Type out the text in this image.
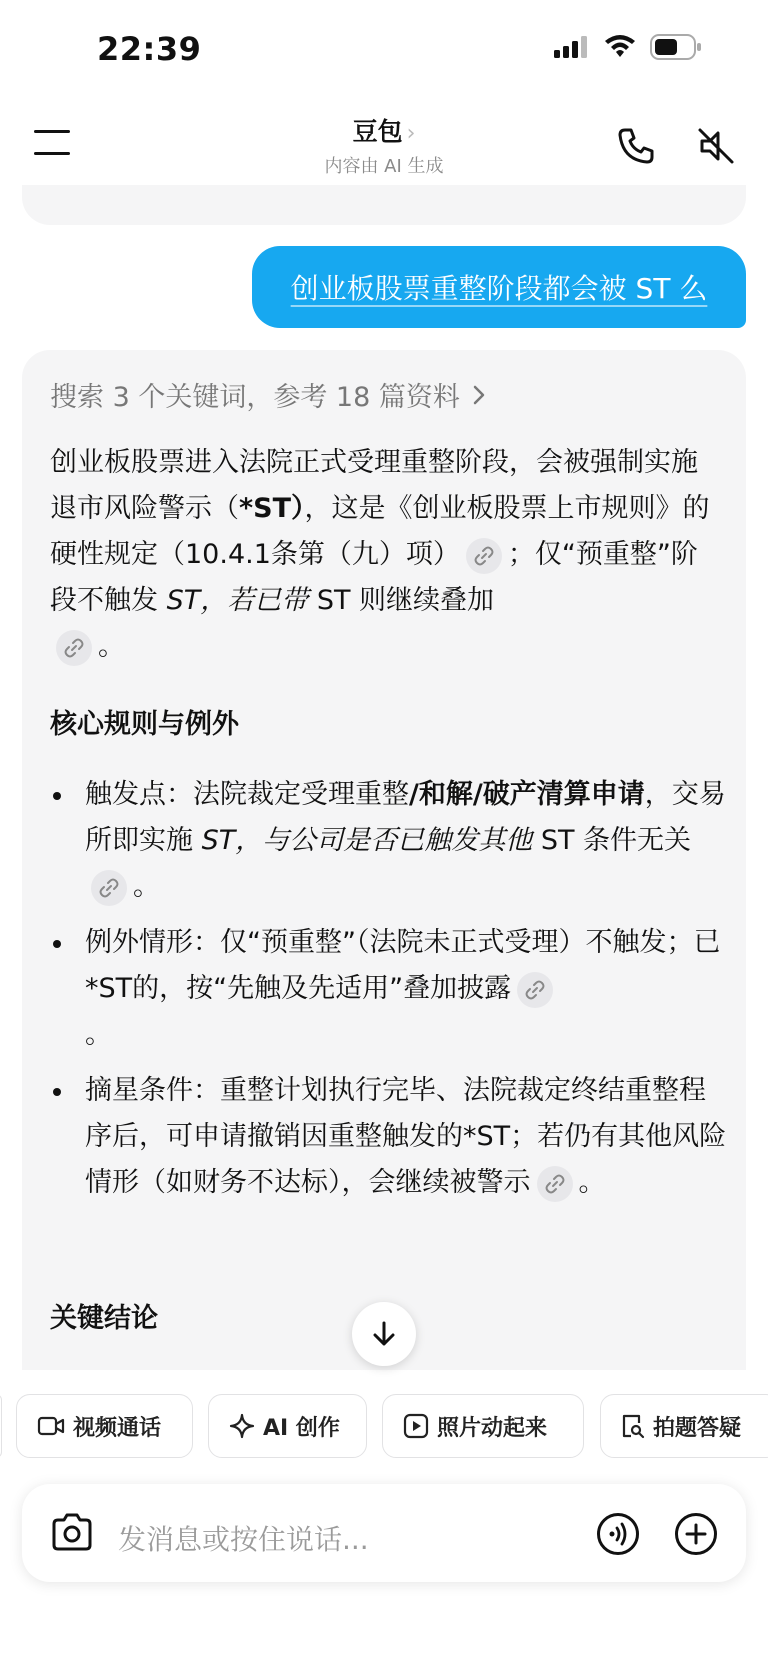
22:39
豆包 ›
内容由 AI 生成
创业板股票重整阶段都会被 ST 么
搜索 3 个关键词，参考 18 篇资料
创业板股票进入法院正式受理重整阶段，会被强制实施退市风险警示（*ST），这是《创业板股票上市规则》的硬性规定（10.4.1条第（九）项） ；仅“预重整”阶段不触发 ST，若已带 ST 则继续叠加

。
核心规则与例外
触发点：法院裁定受理重整/和解/破产清算申请，交易所即实施 ST，与公司是否已触发其他 ST 条件无关
。
例外情形：仅“预重整”（法院未正式受理）不触发；已*ST的，按“先触及先适用”叠加披露

。
摘星条件：重整计划执行完毕、法院裁定终结重整程序后，可申请撤销因重整触发的*ST；若仍有其他风险情形（如财务不达标），会继续被警示 。
关键结论
视频通话	AI 创作	照片动起来	拍题答疑
发消息或按住说话...
